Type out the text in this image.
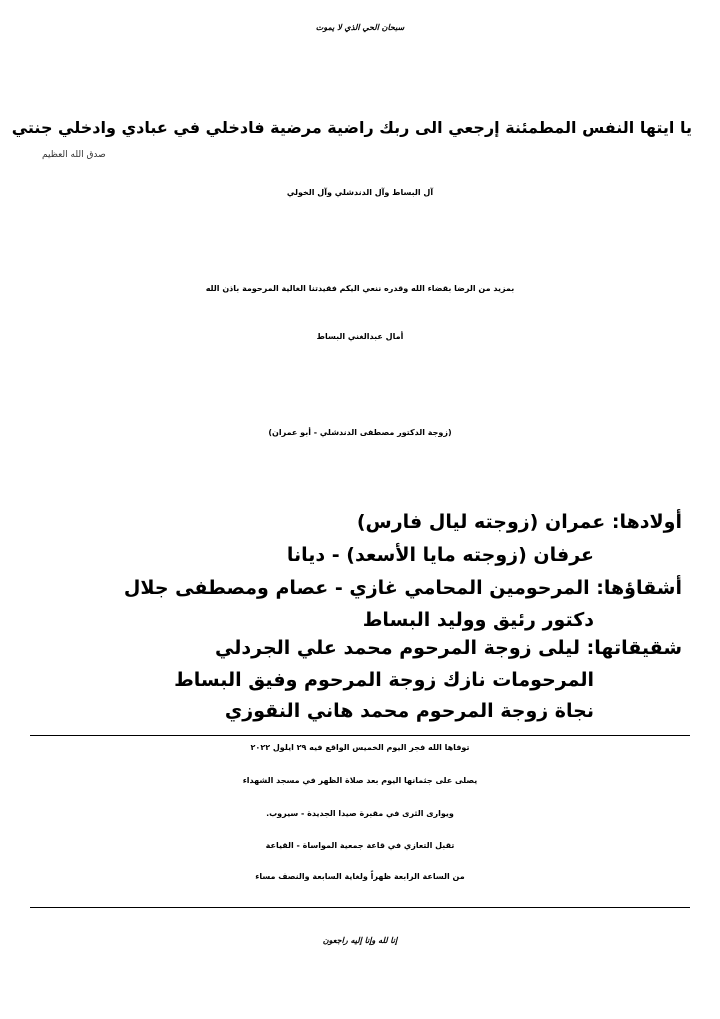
سبحان الحي الذي لا يموت
يا ايتها النفس المطمئنة إرجعي الى ربك راضية مرضية فادخلي في عبادي وادخلي جنتي
صدق الله العظيم
آل البساط وآل الدندشلي وآل الخولي
بمزيد من الرضا بقضاء الله وقدره ننعي اليكم فقيدتنا الغالية المرحومة باذن الله
أمال عبدالغني البساط
(زوجة الدكتور مصطفى الدندشلي - أبو عمران)
أولادها: عمران (زوجته ليال فارس)
عرفان (زوجته مايا الأسعد) - ديانا
أشقاؤها: المرحومين المحامي غازي - عصام ومصطفى جلال
دكتور رئيق ووليد البساط
شقيقاتها: ليلى زوجة المرحوم محمد علي الجردلي
المرحومات نازك زوجة المرحوم وفيق البساط
نجاة زوجة المرحوم محمد هاني النقوزي
توفاها الله فجر اليوم الخميس الواقع فيه ٢٩ ايلول ٢٠٢٢
يصلى على جثمانها اليوم بعد صلاة الظهر في مسجد الشهداء
ويوارى الثرى في مقبرة صيدا الجديدة - سيروب.
تقبل التعازي في قاعة جمعية المواساة - القياعة
من الساعة الرابعة ظهراً ولغاية السابعة والنصف مساء
إنا لله وإنا إليه راجعون
